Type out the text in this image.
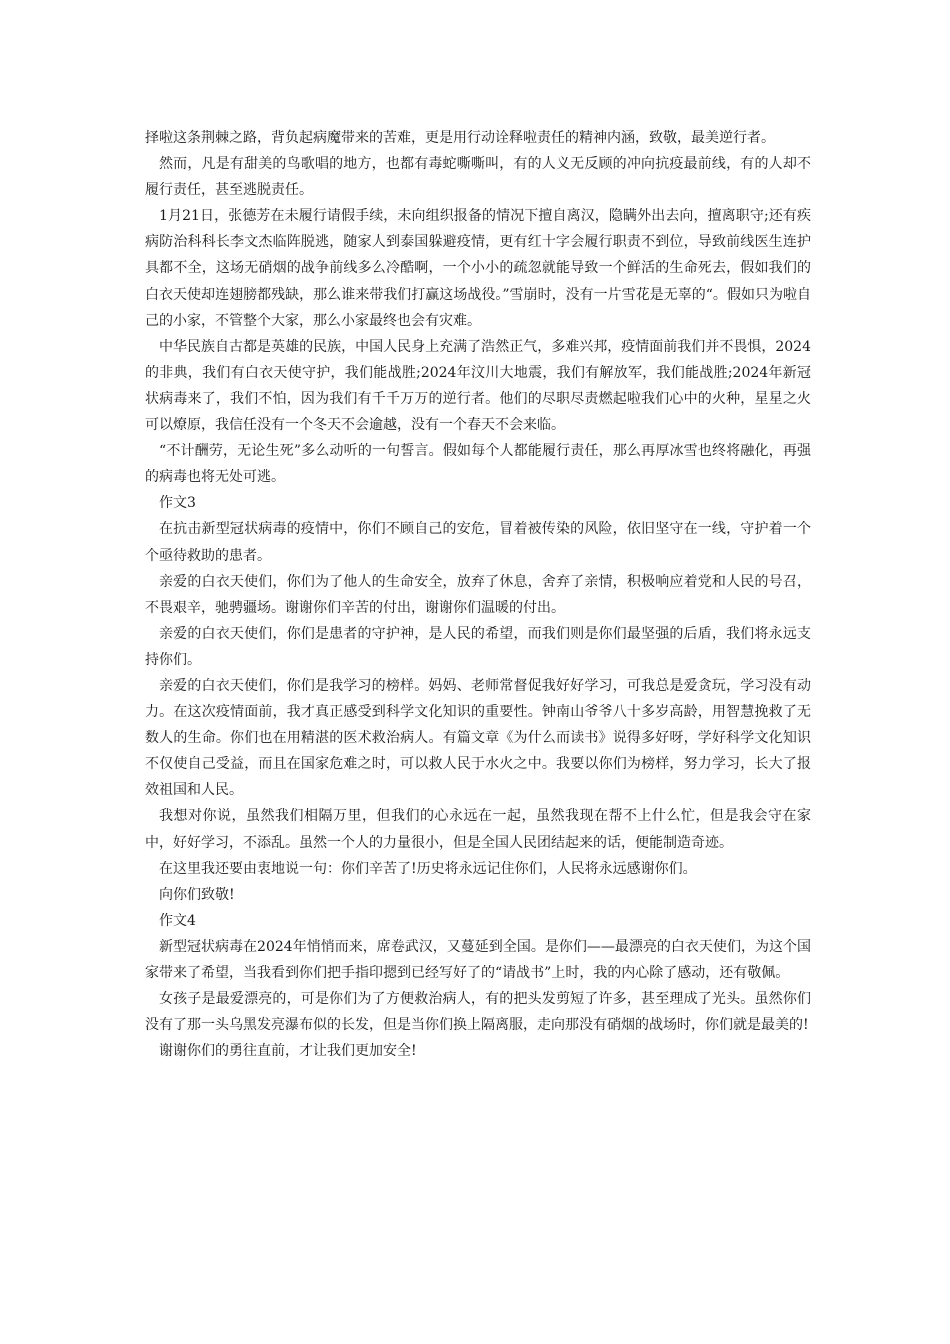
择啦这条荆棘之路，背负起病魔带来的苦难，更是用行动诠释啦责任的精神内涵，致敬，最美逆行者。

然而，凡是有甜美的鸟歌唱的地方，也都有毒蛇嘶嘶叫，有的人义无反顾的冲向抗疫最前线，有的人却不履行责任，甚至逃脱责任。

1月21日，张德芳在未履行请假手续，未向组织报备的情况下擅自离汉，隐瞒外出去向，擅离职守;还有疾病防治科科长李文杰临阵脱逃，随家人到泰国躲避疫情，更有红十字会履行职责不到位，导致前线医生连护具都不全，这场无硝烟的战争前线多么冷酷啊，一个小小的疏忽就能导致一个鲜活的生命死去，假如我们的白衣天使却连翅膀都残缺，那么谁来带我们打赢这场战役。”雪崩时，没有一片雪花是无辜的“。假如只为啦自己的小家，不管整个大家，那么小家最终也会有灾难。

中华民族自古都是英雄的民族，中国人民身上充满了浩然正气，多难兴邦，疫情面前我们并不畏惧，2024的非典，我们有白衣天使守护，我们能战胜;2024年汶川大地震，我们有解放军，我们能战胜;2024年新冠状病毒来了，我们不怕，因为我们有千千万万的逆行者。他们的尽职尽责燃起啦我们心中的火种，星星之火可以燎原，我信任没有一个冬天不会逾越，没有一个春天不会来临。

“不计酬劳，无论生死”多么动听的一句誓言。假如每个人都能履行责任，那么再厚冰雪也终将融化，再强的病毒也将无处可逃。

作文3

在抗击新型冠状病毒的疫情中，你们不顾自己的安危，冒着被传染的风险，依旧坚守在一线，守护着一个个亟待救助的患者。

亲爱的白衣天使们，你们为了他人的生命安全，放弃了休息，舍弃了亲情，积极响应着党和人民的号召，不畏艰辛，驰骋疆场。谢谢你们辛苦的付出，谢谢你们温暖的付出。

亲爱的白衣天使们，你们是患者的守护神，是人民的希望，而我们则是你们最坚强的后盾，我们将永远支持你们。

亲爱的白衣天使们，你们是我学习的榜样。妈妈、老师常督促我好好学习，可我总是爱贪玩，学习没有动力。在这次疫情面前，我才真正感受到科学文化知识的重要性。钟南山爷爷八十多岁高龄，用智慧挽救了无数人的生命。你们也在用精湛的医术救治病人。有篇文章《为什么而读书》说得多好呀，学好科学文化知识不仅使自己受益，而且在国家危难之时，可以救人民于水火之中。我要以你们为榜样，努力学习，长大了报效祖国和人民。

我想对你说，虽然我们相隔万里，但我们的心永远在一起，虽然我现在帮不上什么忙，但是我会守在家中，好好学习，不添乱。虽然一个人的力量很小，但是全国人民团结起来的话，便能制造奇迹。

在这里我还要由衷地说一句：你们辛苦了!历史将永远记住你们，人民将永远感谢你们。

向你们致敬!

作文4

新型冠状病毒在2024年悄悄而来，席卷武汉，又蔓延到全国。是你们——最漂亮的白衣天使们，为这个国家带来了希望，当我看到你们把手指印摁到已经写好了的“请战书”上时，我的内心除了感动，还有敬佩。

女孩子是最爱漂亮的，可是你们为了方便救治病人，有的把头发剪短了许多，甚至理成了光头。虽然你们没有了那一头乌黑发亮瀑布似的长发，但是当你们换上隔离服，走向那没有硝烟的战场时，你们就是最美的!

谢谢你们的勇往直前，才让我们更加安全!
